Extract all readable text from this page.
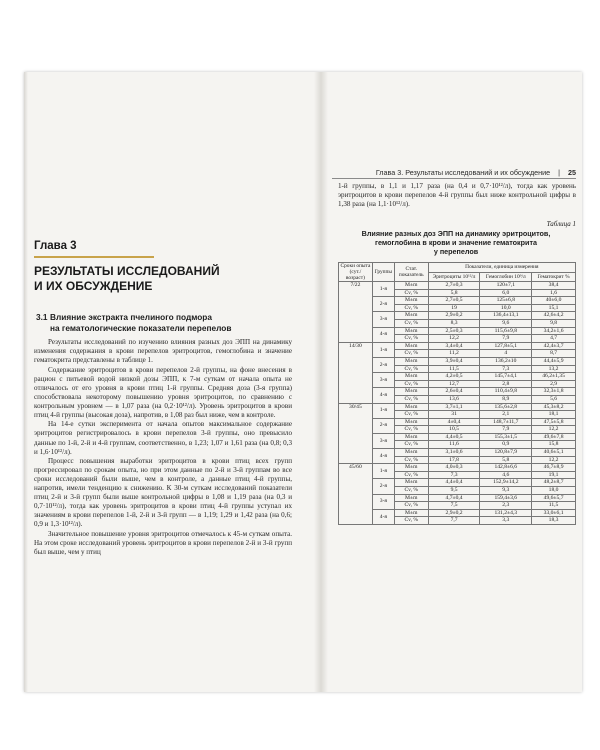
Глава 3
РЕЗУЛЬТАТЫ ИССЛЕДОВАНИЙ
И ИХ ОБСУЖДЕНИЕ
3.1 Влияние экстракта пчелиного подмора
на гематологические показатели перепелов

Результаты исследований по изучению влияния разных доз ЭПП на динамику изменения содержания в крови перепелов эритроцитов, гемоглобина и значение гематокрита представлены в таблице 1.

Содержание эритроцитов в крови перепелов 2-й группы, на фоне внесения в рацион с питьевой водой низкой дозы ЭПП, к 7-м суткам от начала опыта не отличалось от его уровня в крови птиц 1-й группы. Средняя доза (3-я группа) способствовала некоторому повышению уровня эритроцитов, по сравнению с контрольным уровнем — в 1,07 раза (на 0,2·10¹²/л). Уровень эритроцитов в крови птиц 4-й группы (высокая доза), напротив, в 1,08 раз был ниже, чем в контроле.

На 14-е сутки эксперимента от начала опытов максимальное содержание эритроцитов регистрировалось в крови перепелов 3-й группы, оно превысило данные по 1-й, 2-й и 4-й группам, соответственно, в 1,23; 1,07 и 1,61 раза (на 0,8; 0,3 и 1,6·10¹²/л).

Процесс повышения выработки эритроцитов в крови птиц всех групп прогрессировал по срокам опыта, но при этом данные по 2-й и 3-й группам во все сроки исследований были выше, чем в контроле, а данные птиц 4-й группы, напротив, имели тенденцию к снижению. К 30-м суткам исследований показатели птиц 2-й и 3-й групп были выше контрольной цифры в 1,08 и 1,19 раза (на 0,3 и 0,7·10¹²/л), тогда как уровень эритроцитов в крови птиц 4-й группы уступал их значениям в крови перепелов 1-й, 2-й и 3-й групп — в 1,19; 1,29 и 1,42 раза (на 0,6; 0,9 и 1,3·10¹²/л).

Значительное повышение уровня эритроцитов отмечалось к 45-м суткам опыта. На этом сроке исследований уровень эритроцитов в крови перепелов 2-й и 3-й групп был выше, чем у птиц

Глава 3. Результаты исследований и их обсуждение | 25

1-й группы, в 1,1 и 1,17 раза (на 0,4 и 0,7·10¹²/л), тогда как уровень эритроцитов в крови перепелов 4-й группы был ниже контрольной цифры в 1,38 раза (на 1,1·10¹²/л).

Таблица 1
Влияние разных доз ЭПП на динамику эритроцитов,
гемоглобина в крови и значение гематокрита
у перепелов
Сроки опыта (сут./ возраст)	Группы	Стат. показатель	Показатели, единица измерения		
			Эритроциты 10¹²/л	Гемоглобин 10⁹/л	Гематокрит %
7/22	1-я	M±m	2,7±0,3	120±7,1	38,4
		Cv, %	5,8	6,0	1,6
	2-я	M±m	2,7±0,5	125±6,8	40±6,0
		Cv, %	19	10,0	15,1
	3-я	M±m	2,9±0,2	136,4±13,1	42,6±4,2
		Cv, %	8,3	9,6	9,8
	4-я	M±m	2,5±0,3	115,6±9,8	34,2±1,6
		Cv, %	12,2	7,9	4,7
14/30	1-я	M±m	3,4±0,4	127,8±5,1	42,4±3,7
		Cv, %	11,2	4	8,7
	2-я	M±m	3,9±0,4	136,2±10	44,4±5,9
		Cv, %	11,5	7,3	13,2
	3-я	M±m	4,2±0,5	145,7±4,1	46,2±1,35
		Cv, %	12,7	2,8	2,9
	4-я	M±m	2,6±0,4	110,4±9,8	32,3±1,8
		Cv, %	13,6	8,9	5,6
30/45	1-я	M±m	3,7±1,1	135,6±2,8	45,3±8,2
		Cv, %	31	2,1	18,1
	2-я	M±m	4±0,4	148,7±11,7	47,5±5,8
		Cv, %	10,5	7,9	12,2
	3-я	M±m	4,4±0,5	155,3±1,5	49,6±7,8
		Cv, %	11,6	0,9	15,8
	4-я	M±m	3,1±0,6	120,8±7,9	40,6±5,1
		Cv, %	17,8	5,8	12,2
45/60	1-я	M±m	4,0±0,3	142,8±6,6	46,7±8,9
		Cv, %	7,3	4,6	19,1
	2-я	M±m	4,4±0,4	152,9±14,2	48,2±8,7
		Cv, %	9,5	9,3	18,0
	3-я	M±m	4,7±0,4	159,4±3,6	49,6±5,7
		Cv, %	7,5	2,3	11,5
	4-я	M±m	2,9±0,2	131,2±4,3	33,0±6,1
		Cv, %	7,7	3,3	18,3
